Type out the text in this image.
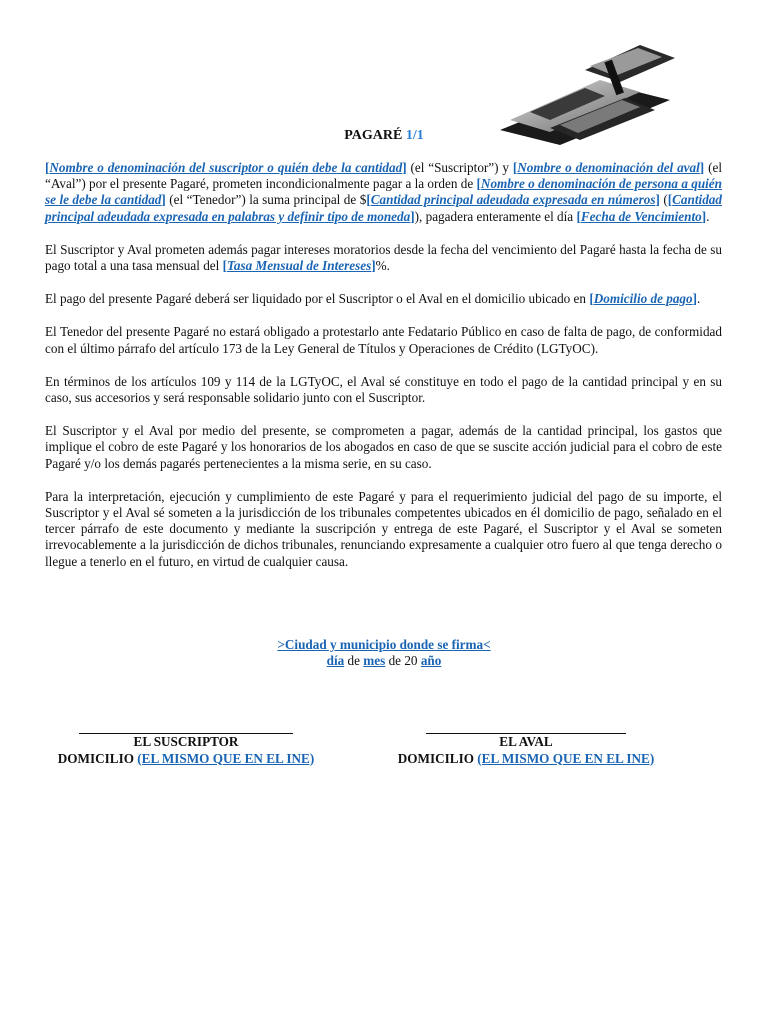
PAGARÉ 1/1

[Nombre o denominación del suscriptor o quién debe la cantidad] (el “Suscriptor”) y [Nombre o denominación del aval] (el “Aval”) por el presente Pagaré, prometen incondicionalmente pagar a la orden de [Nombre o denominación de persona a quién se le debe la cantidad] (el “Tenedor”) la suma principal de $[Cantidad principal adeudada expresada en números] ([Cantidad principal adeudada expresada en palabras y definir tipo de moneda]), pagadera enteramente el día [Fecha de Vencimiento].

El Suscriptor y Aval prometen además pagar intereses moratorios desde la fecha del vencimiento del Pagaré hasta la fecha de su pago total a una tasa mensual del [Tasa Mensual de Intereses]%.

El pago del presente Pagaré deberá ser liquidado por el Suscriptor o el Aval en el domicilio ubicado en [Domicilio de pago].

El Tenedor del presente Pagaré no estará obligado a protestarlo ante Fedatario Público en caso de falta de pago, de conformidad con el último párrafo del artículo 173 de la Ley General de Títulos y Operaciones de Crédito (LGTyOC).

En términos de los artículos 109 y 114 de la LGTyOC, el Aval sé constituye en todo el pago de la cantidad principal y en su caso, sus accesorios y será responsable solidario junto con el Suscriptor.

El Suscriptor y el Aval por medio del presente, se comprometen a pagar, además de la cantidad principal, los gastos que implique el cobro de este Pagaré y los honorarios de los abogados en caso de que se suscite acción judicial para el cobro de este Pagaré y/o los demás pagarés pertenecientes a la misma serie, en su caso.

Para la interpretación, ejecución y cumplimiento de este Pagaré y para el requerimiento judicial del pago de su importe, el Suscriptor y el Aval sé someten a la jurisdicción de los tribunales competentes ubicados en él domicilio de pago, señalado en el tercer párrafo de este documento y mediante la suscripción y entrega de este Pagaré, el Suscriptor y el Aval se someten irrevocablemente a la jurisdicción de dichos tribunales, renunciando expresamente a cualquier otro fuero al que tenga derecho o llegue a tenerlo en el futuro, en virtud de cualquier causa.

>Ciudad y municipio donde se firma<
día de mes de 20 año
EL SUSCRIPTOR
DOMICILIO (EL MISMO QUE EN EL INE)
EL AVAL
DOMICILIO (EL MISMO QUE EN EL INE)
